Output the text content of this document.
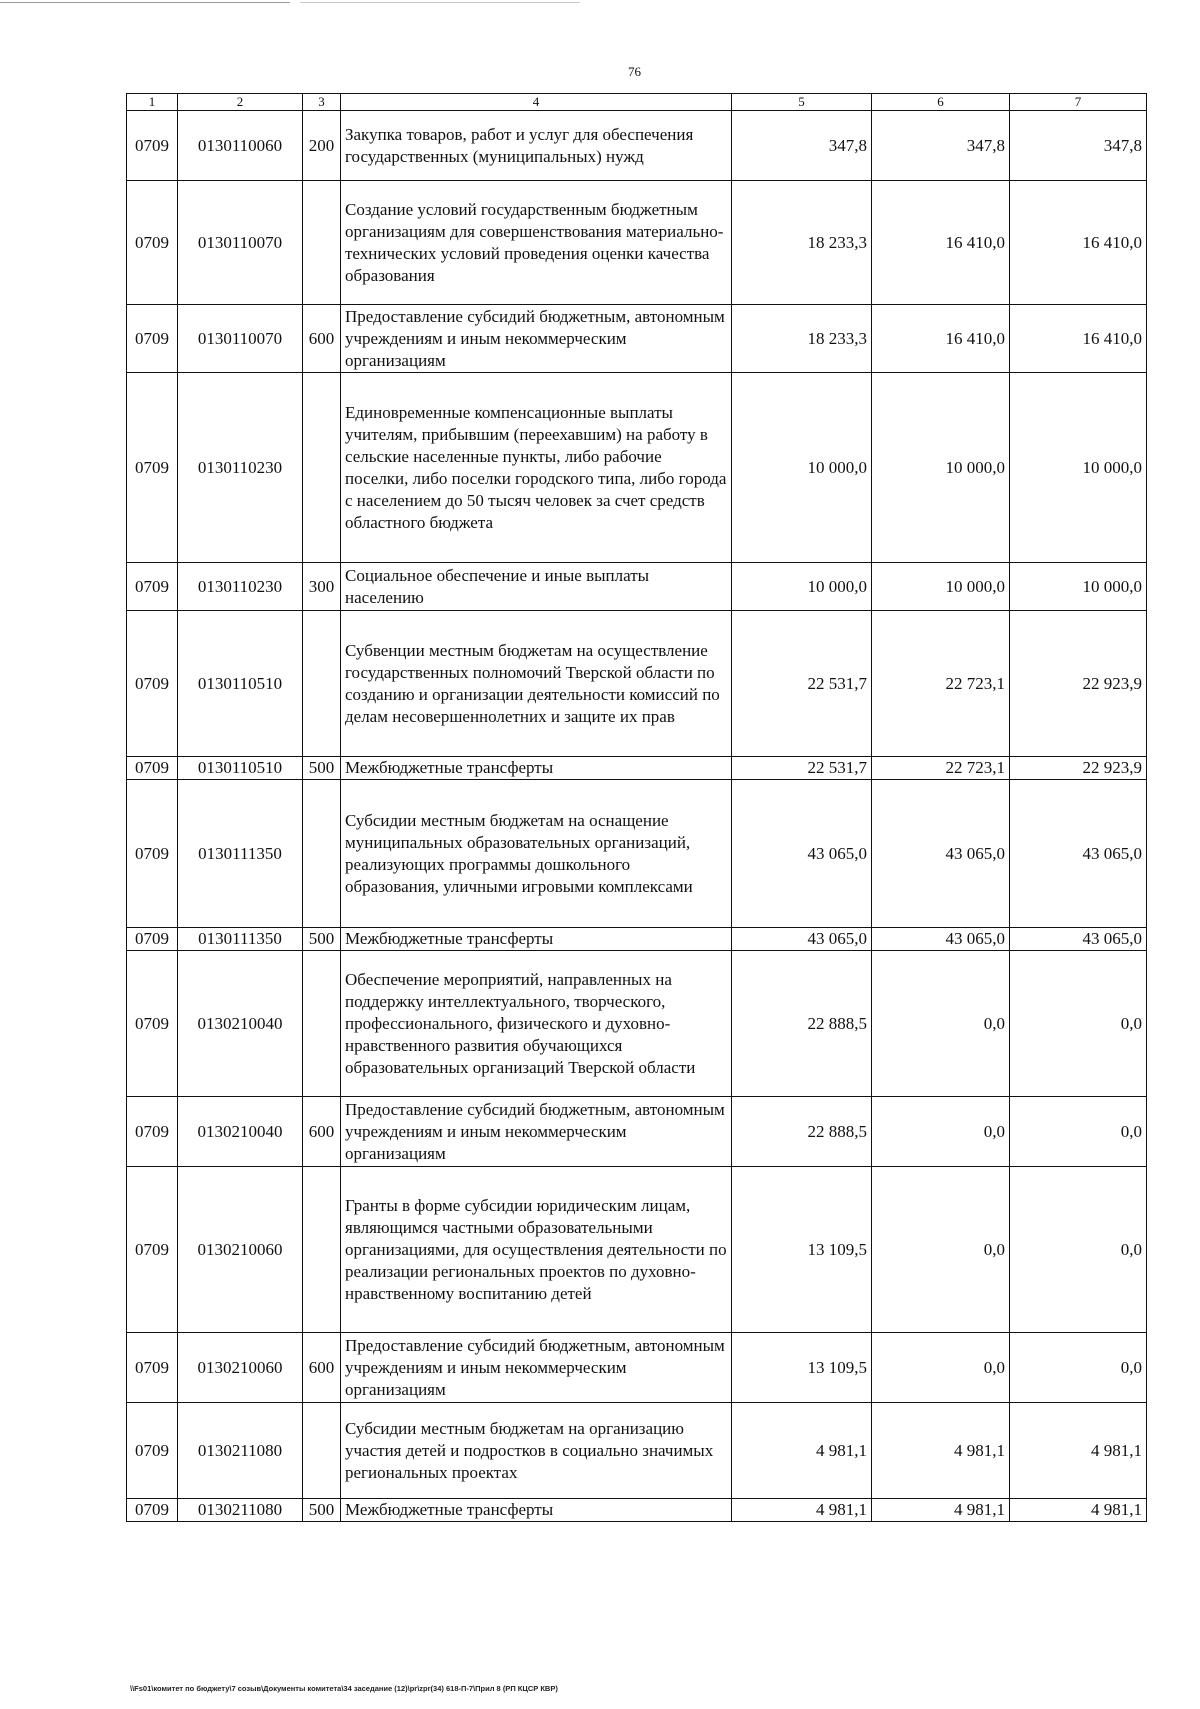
76
1	2	3	4	5	6	7
0709	0130110060	200	Закупка товаров, работ и услуг для обеспечения государственных (муниципальных) нужд	347,8	347,8	347,8
0709	0130110070		Создание условий государственным бюджетным организациям для совершенствования материально-технических условий проведения оценки качества образования	18 233,3	16 410,0	16 410,0
0709	0130110070	600	Предоставление субсидий бюджетным, автономным учреждениям и иным некоммерческим организациям	18 233,3	16 410,0	16 410,0
0709	0130110230		Единовременные компенсационные выплаты учителям, прибывшим (переехавшим) на работу в сельские населенные пункты, либо рабочие поселки, либо поселки городского типа, либо города с населением до 50 тысяч человек за счет средств областного бюджета	10 000,0	10 000,0	10 000,0
0709	0130110230	300	Социальное обеспечение и иные выплаты населению	10 000,0	10 000,0	10 000,0
0709	0130110510		Субвенции местным бюджетам на осуществление государственных полномочий Тверской области по созданию и организации деятельности комиссий по делам несовершеннолетних и защите их прав	22 531,7	22 723,1	22 923,9
0709	0130110510	500	Межбюджетные трансферты	22 531,7	22 723,1	22 923,9
0709	0130111350		Субсидии местным бюджетам на оснащение муниципальных образовательных организаций, реализующих программы дошкольного образования, уличными игровыми комплексами	43 065,0	43 065,0	43 065,0
0709	0130111350	500	Межбюджетные трансферты	43 065,0	43 065,0	43 065,0
0709	0130210040		Обеспечение мероприятий, направленных на поддержку интеллектуального, творческого, профессионального, физического и духовно-нравственного развития обучающихся образовательных организаций Тверской области	22 888,5	0,0	0,0
0709	0130210040	600	Предоставление субсидий бюджетным, автономным учреждениям и иным некоммерческим организациям	22 888,5	0,0	0,0
0709	0130210060		Гранты в форме субсидии юридическим лицам, являющимся частными образовательными организациями, для осуществления деятельности по реализации региональных проектов по духовно-нравственному воспитанию детей	13 109,5	0,0	0,0
0709	0130210060	600	Предоставление субсидий бюджетным, автономным учреждениям и иным некоммерческим организациям	13 109,5	0,0	0,0
0709	0130211080		Субсидии местным бюджетам на организацию участия детей и подростков в социально значимых региональных проектах	4 981,1	4 981,1	4 981,1
0709	0130211080	500	Межбюджетные трансферты	4 981,1	4 981,1	4 981,1
\\Fs01\комитет по бюджету\7 созыв\Документы комитета\34 заседание (12)\pr\zpr(34) 618-П-7\Прил 8 (РП КЦСР КВР)
